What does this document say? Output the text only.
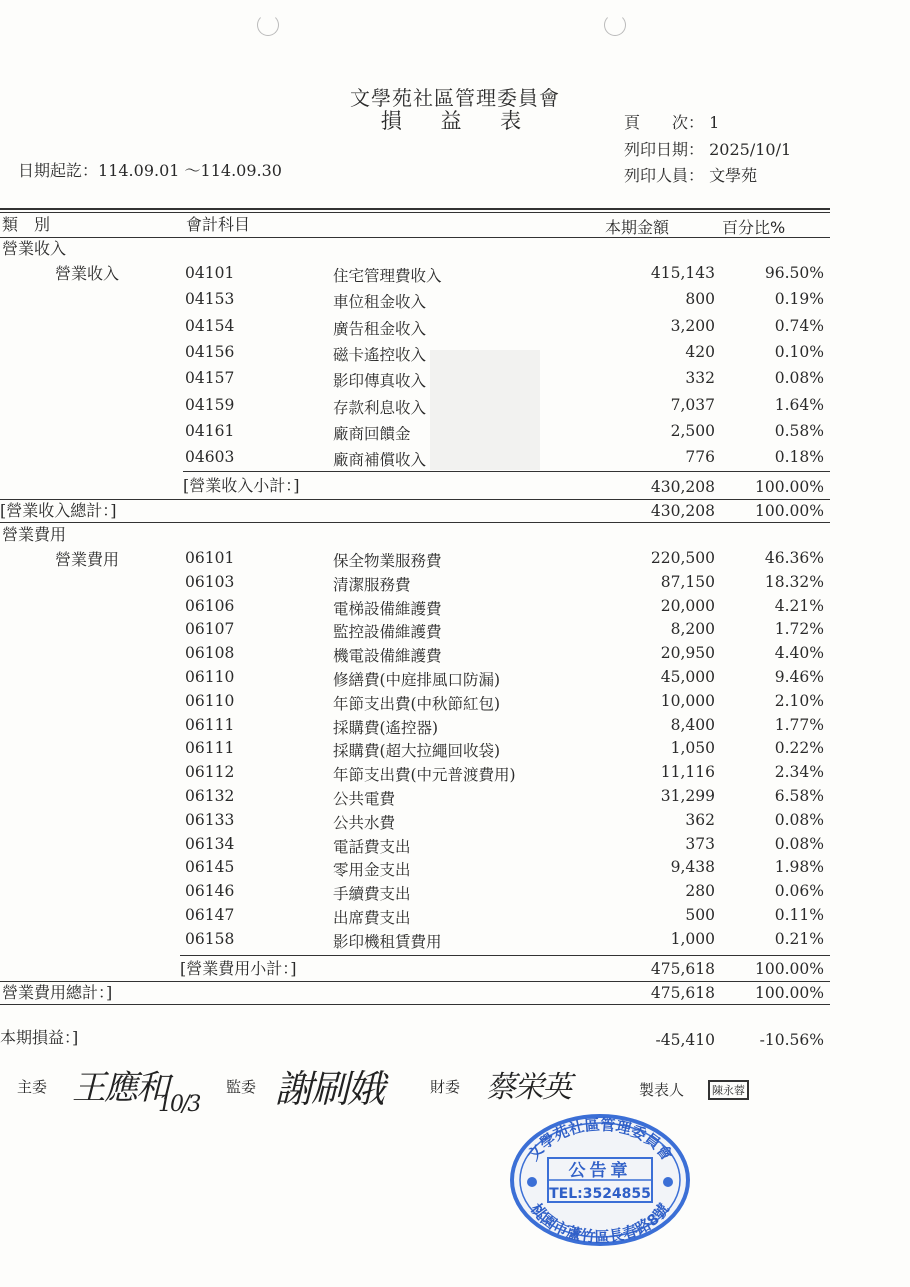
文學苑社區管理委員會
損 益 表	頁　　次： 1
列印日期： 2025/10/1
列印人員： 文學苑
日期起訖：114.09.01 ～114.09.30
類　別	會計科目	本期金額	百分比%
營業收入
營業收入	04101	住宅管理費收入	415,143	96.50%
04153	車位租金收入	800	0.19%
04154	廣告租金收入	3,200	0.74%
04156	磁卡遙控收入	420	0.10%
04157	影印傳真收入	332	0.08%
04159	存款利息收入	7,037	1.64%
04161	廠商回饋金	2,500	0.58%
04603	廠商補償收入	776	0.18%
[營業收入小計：]	430,208	100.00%
[營業收入總計：]	430,208	100.00%
營業費用
營業費用	06101	保全物業服務費	220,500	46.36%
06103	清潔服務費	87,150	18.32%
06106	電梯設備維護費	20,000	4.21%
06107	監控設備維護費	8,200	1.72%
06108	機電設備維護費	20,950	4.40%
06110	修繕費(中庭排風口防漏)	45,000	9.46%
06110	年節支出費(中秋節紅包)	10,000	2.10%
06111	採購費(遙控器)	8,400	1.77%
06111	採購費(超大拉繩回收袋)	1,050	0.22%
06112	年節支出費(中元普渡費用)	11,116	2.34%
06132	公共電費	31,299	6.58%
06133	公共水費	362	0.08%
06134	電話費支出	373	0.08%
06145	零用金支出	9,438	1.98%
06146	手續費支出	280	0.06%
06147	出席費支出	500	0.11%
06158	影印機租賃費用	1,000	0.21%
[營業費用小計：]	475,618	100.00%
營業費用總計：]	475,618	100.00%
本期損益：]	-45,410	-10.56%
主委 王應和
10/3
監委 謝刷娥	財委 蔡栄英	製表人	陳永蓉
文學苑社區管理委員會
公告章
TEL:3524855
桃園市蘆竹區長春路8號
